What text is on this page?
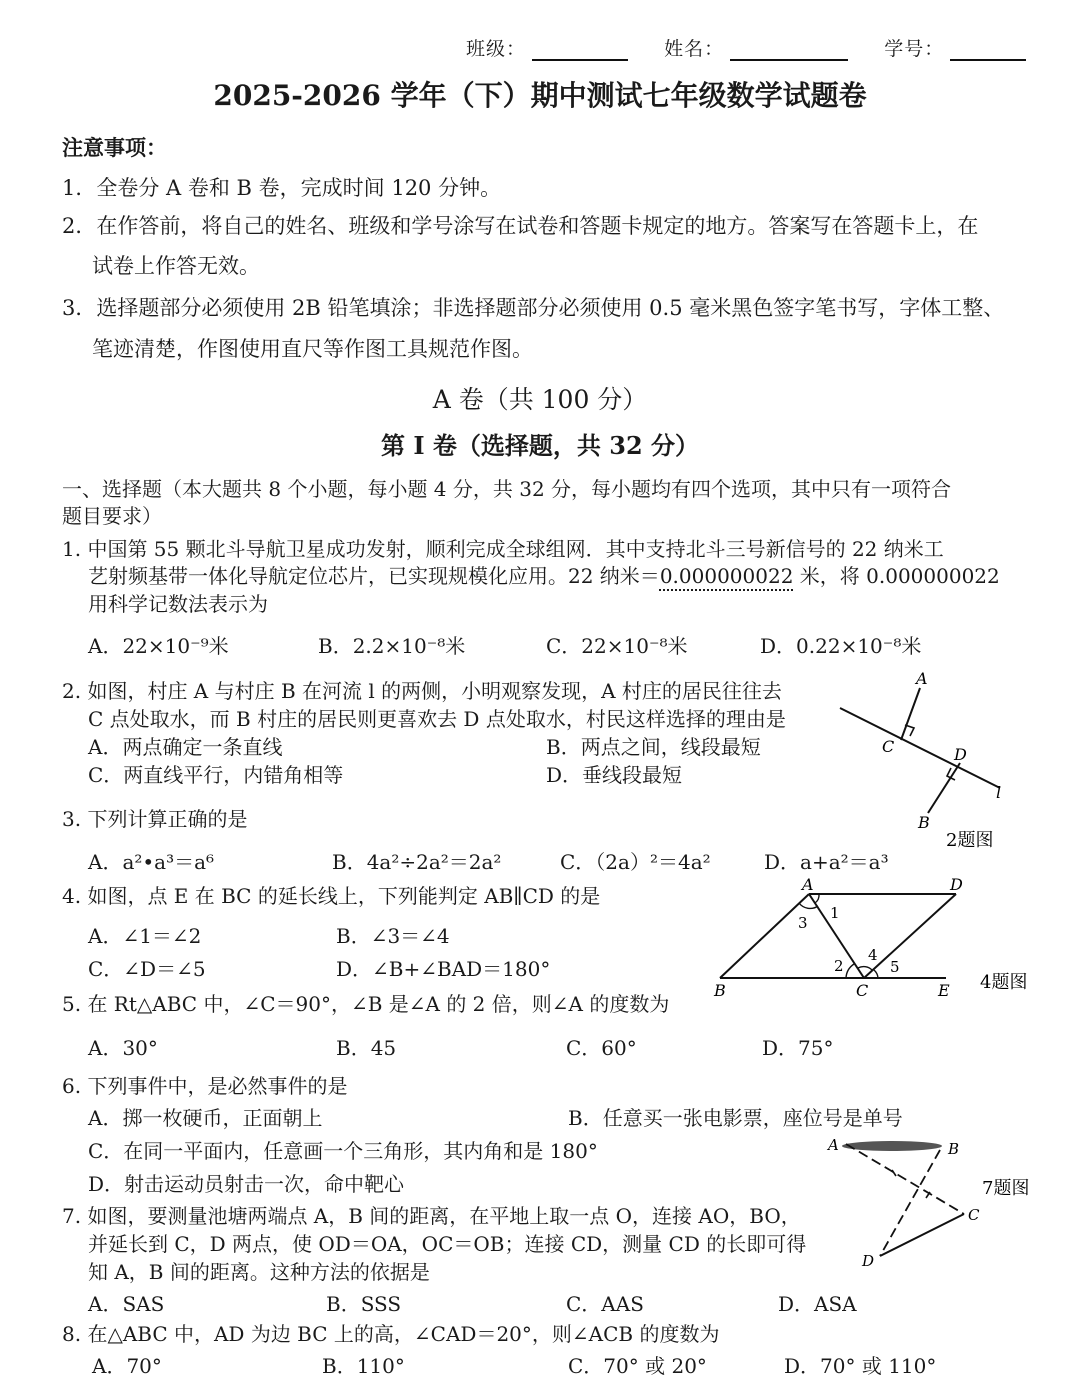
班级：	姓名：	学号：
2025-2026 学年（下）期中测试七年级数学试题卷
注意事项：
1．全卷分 A 卷和 B 卷，完成时间 120 分钟。
2．在作答前，将自己的姓名、班级和学号涂写在试卷和答题卡规定的地方。答案写在答题卡上，在
试卷上作答无效。
3．选择题部分必须使用 2B 铅笔填涂；非选择题部分必须使用 0.5 毫米黑色签字笔书写，字体工整、
笔迹清楚，作图使用直尺等作图工具规范作图。
A 卷（共 100 分）
第 I 卷（选择题，共 32 分）
一、选择题（本大题共 8 个小题，每小题 4 分，共 32 分，每小题均有四个选项，其中只有一项符合
题目要求）
1. 中国第 55 颗北斗导航卫星成功发射，顺利完成全球组网．其中支持北斗三号新信号的 22 纳米工
艺射频基带一体化导航定位芯片，已实现规模化应用。22 纳米＝0.000000022 米，将 0.000000022
用科学记数法表示为
A．22×10⁻⁹米	B．2.2×10⁻⁸米	C．22×10⁻⁸米	D．0.22×10⁻⁸米
2. 如图，村庄 A 与村庄 B 在河流 l 的两侧，小明观察发现，A 村庄的居民往往去
C 点处取水，而 B 村庄的居民则更喜欢去 D 点处取水，村民这样选择的理由是
A．两点确定一条直线	B．两点之间，线段最短
C．两直线平行，内错角相等	D．垂线段最短
A
C	D
B
l
2题图
3. 下列计算正确的是
A．a²•a³＝a⁶	B．4a²÷2a²＝2a²	C．（2a）²＝4a²	D．a+a²＝a³
4. 如图，点 E 在 BC 的延长线上，下列能判定 AB∥CD 的是
A．∠1＝∠2	B．∠3＝∠4
C．∠D＝∠5	D．∠B+∠BAD＝180°
A	D
B	C	E
1
2
3
4
5
4题图
5. 在 Rt△ABC 中，∠C＝90°，∠B 是∠A 的 2 倍，则∠A 的度数为
A．30°	B．45	C．60°	D．75°
6. 下列事件中，是必然事件的是
A．掷一枚硬币，正面朝上	B．任意买一张电影票，座位号是单号
C．在同一平面内，任意画一个三角形，其内角和是 180°
D．射击运动员射击一次，命中靶心
7. 如图，要测量池塘两端点 A，B 间的距离，在平地上取一点 O，连接 AO，BO，
并延长到 C，D 两点，使 OD＝OA，OC＝OB；连接 CD，测量 CD 的长即可得
知 A，B 间的距离。这种方法的依据是
A．SAS	B．SSS	C．AAS	D．ASA
A	B
C
D
7题图
8. 在△ABC 中，AD 为边 BC 上的高，∠CAD＝20°，则∠ACB 的度数为
A．70°	B．110°	C．70° 或 20°	D．70° 或 110°
